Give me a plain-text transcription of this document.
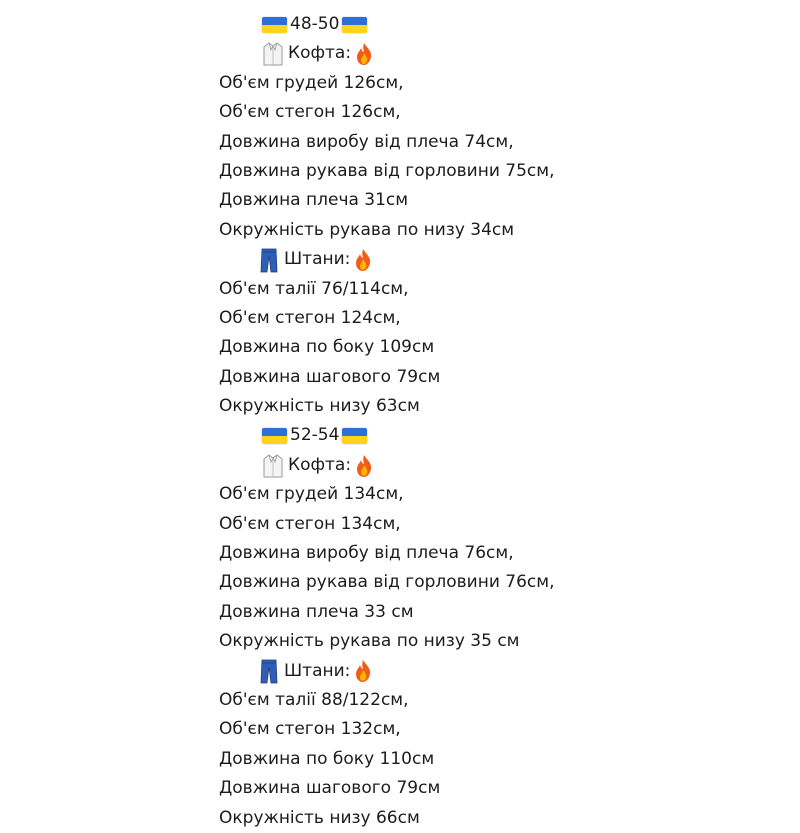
48-50
Кофта:
Об'єм грудей 126см,
Об'єм стегон 126см,
Довжина виробу від плеча 74см,
Довжина рукава від горловини 75см,
Довжина плеча 31см
Окружність рукава по низу 34см
Штани:
Об'єм талії 76/114см,
Об'єм стегон 124см,
Довжина по боку 109см
Довжина шагового 79см
Окружність низу 63см
52-54
Кофта:
Об'єм грудей 134см,
Об'єм стегон 134см,
Довжина виробу від плеча 76см,
Довжина рукава від горловини 76см,
Довжина плеча 33 см
Окружність рукава по низу 35 см
Штани:
Об'єм талії 88/122см,
Об'єм стегон 132см,
Довжина по боку 110см
Довжина шагового 79см
Окружність низу 66см
